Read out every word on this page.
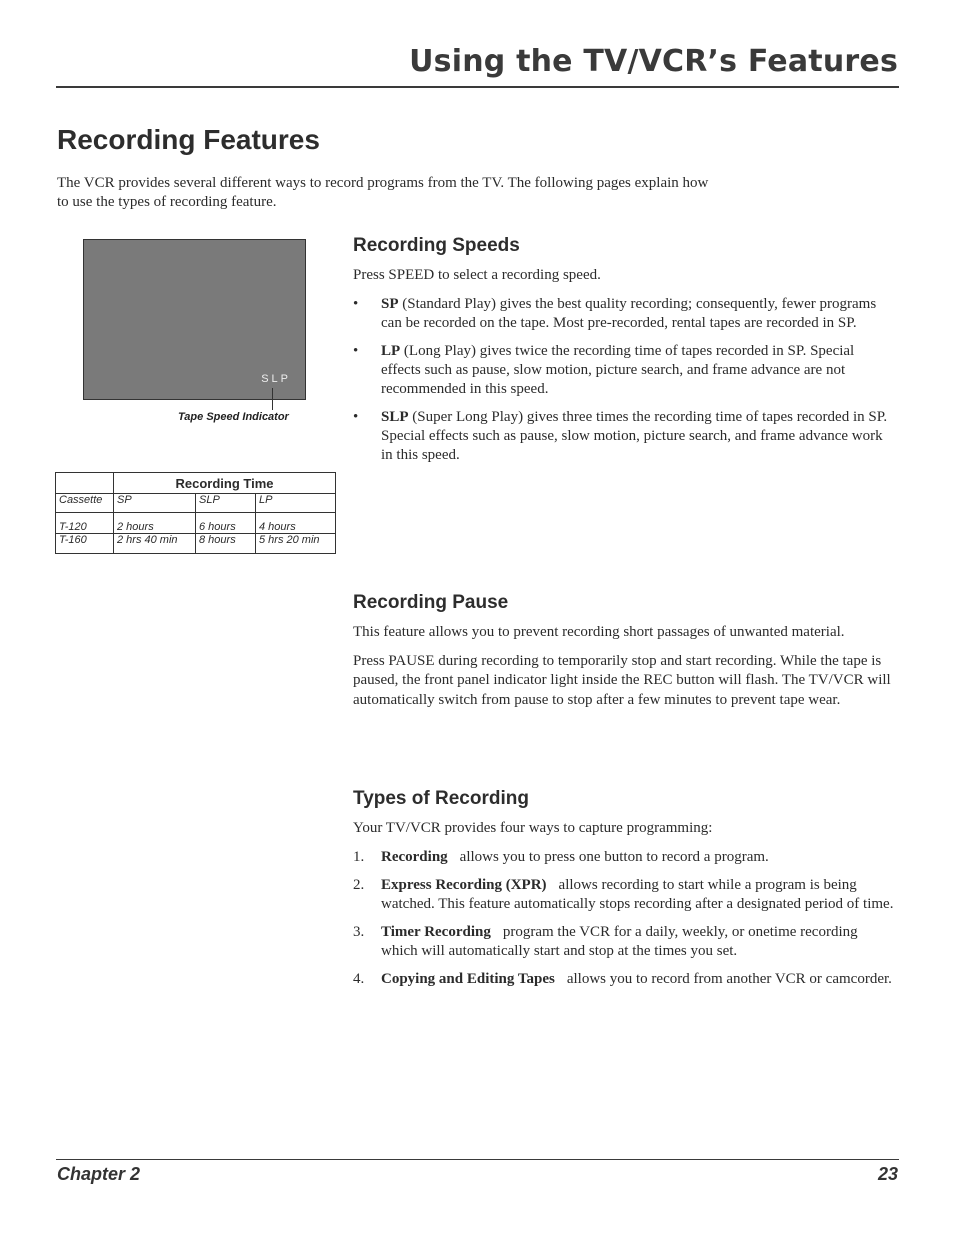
Using the TV/VCR’s Features
Recording Features

The VCR provides several different ways to record programs from the TV. The following pages explain how to use the types of recording feature.

SLP
Tape Speed Indicator
	Recording Time		
Cassette	SP	SLP	LP
T-120	2 hours	6 hours	4 hours
T-160	2 hrs 40 min	8 hours	5 hrs 20 min
Recording Speeds

Press SPEED to select a recording speed.

• SP (Standard Play) gives the best quality recording; consequently, fewer programs can be recorded on the tape. Most pre-recorded, rental tapes are recorded in SP.
• LP (Long Play) gives twice the recording time of tapes recorded in SP. Special effects such as pause, slow motion, picture search, and frame advance are not recommended in this speed.
• SLP (Super Long Play) gives three times the recording time of tapes recorded in SP. Special effects such as pause, slow motion, picture search, and frame advance work in this speed.
Recording Pause

This feature allows you to prevent recording short passages of unwanted material.

Press PAUSE during recording to temporarily stop and start recording. While the tape is paused, the front panel indicator light inside the REC button will flash. The TV/VCR will automatically switch from pause to stop after a few minutes to prevent tape wear.

Types of Recording

Your TV/VCR provides four ways to capture programming:

1. Recording allows you to press one button to record a program.
2. Express Recording (XPR) allows recording to start while a program is being watched. This feature automatically stops recording after a designated period of time.
3. Timer Recording program the VCR for a daily, weekly, or onetime recording which will automatically start and stop at the times you set.
4. Copying and Editing Tapes allows you to record from another VCR or camcorder.
Chapter 2	23
